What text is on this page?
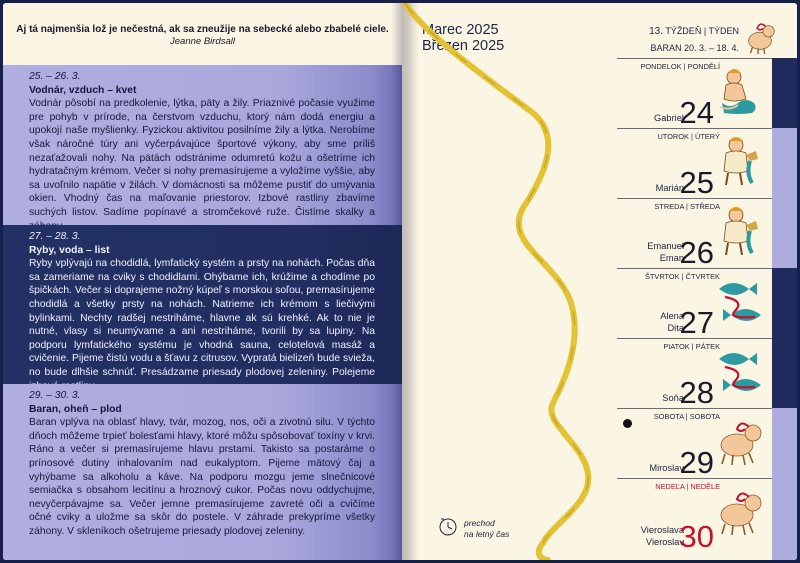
Aj tá najmenšia lož je nečestná, ak sa zneužije na sebecké alebo zbabelé ciele.
Jeanne Birdsall
25. – 26. 3.
Vodnár, vzduch – kvet
Vodnár pôsobí na predkolenie, lýtka, päty a žily. Priaznivé počasie využime pre pohyb v prírode, na čerstvom vzduchu, ktorý nám dodá energiu a upokojí naše myšlienky. Fyzickou aktivitou posilníme žily a lýtka. Nerobíme však náročné túry ani vyčerpávajúce športové výkony, aby sme príliš nezaťažovali nohy. Na pätách odstránime odumretú kožu a ošetríme ich hydratačným krémom. Večer si nohy premasírujeme a vyložíme vyššie, aby sa uvoľnilo napätie v žilách. V domácnosti sa môžeme pustiť do umývania okien. Vhodný čas na maľovanie priestorov. Izbové rastliny zbavíme suchých listov. Sadíme popínavé a stromčekové ruže. Čistíme skalky a
27. – 28. 3.
Ryby, voda – list
Ryby vplývajú na chodidlá, lymfatický systém a prsty na nohách. Počas dňa sa zameriame na cviky s chodidlami. Ohýbame ich, krúžime a chodíme po špičkách. Večer si doprajeme nožný kúpeľ s morskou soľou, premasírujeme chodidlá a všetky prsty na nohách. Natrieme ich krémom s liečivými bylinkami. Nechty radšej nestriháme, hlavne ak sú krehké. Ak to nie je nutné, vlasy si neumývame a ani nestriháme, tvorili by sa lupiny. Na podporu lymfatického systému je vhodná sauna, celotelová masáž a cvičenie. Pijeme čistú vodu a šťavu z citrusov. Vypratá bielizeň bude svieža, no bude dlhšie schnúť. Presádzame priesady plodovej zeleniny. Polejeme
29. – 30. 3.
Baran, oheň – plod
Baran vplýva na oblasť hlavy, tvár, mozog, nos, oči a zivotnú silu. V týchto dňoch môžeme trpieť bolesťami hlavy, ktoré môžu spôsobovať toxíny v krvi. Ráno a večer si premasírujeme hlavu prstami. Takisto sa postaráme o prínosové dutiny inhalovaním nad eukalyptom. Pijeme mätový čaj a vyhýbame sa alkoholu a káve. Na podporu mozgu jeme slnečnicové semiačka s obsahom lecitínu a hroznový cukor. Počas novu oddychujme, nevyčerpávajme sa. Večer jemne premasírujeme zavreté oči a cvičíme očné cviky a uložme sa skôr do postele. V záhrade prekypríme všetky záhony. V skleníkoch ošetrujeme priesady plodovej zeleniny.
Marec 2025
Březen 2025
13. TÝŽDEŇ | TÝDEN
BARAN 20. 3. – 18. 4.
PONDELOK | PONDĚLÍ
Gabriel
24
UTOROK | ÚTERÝ
Marián
25
STREDA | STŘEDA
Emanuel
Eman
26
ŠTVRTOK | ČTVRTEK
Alena
Dita
27
PIATOK | PÁTEK
Soňa
28
SOBOTA | SOBOTA
Miroslav
29
NEDEĽA | NEDĚLE
Vieroslava
Vieroslav
30
prechod
na letný čas
